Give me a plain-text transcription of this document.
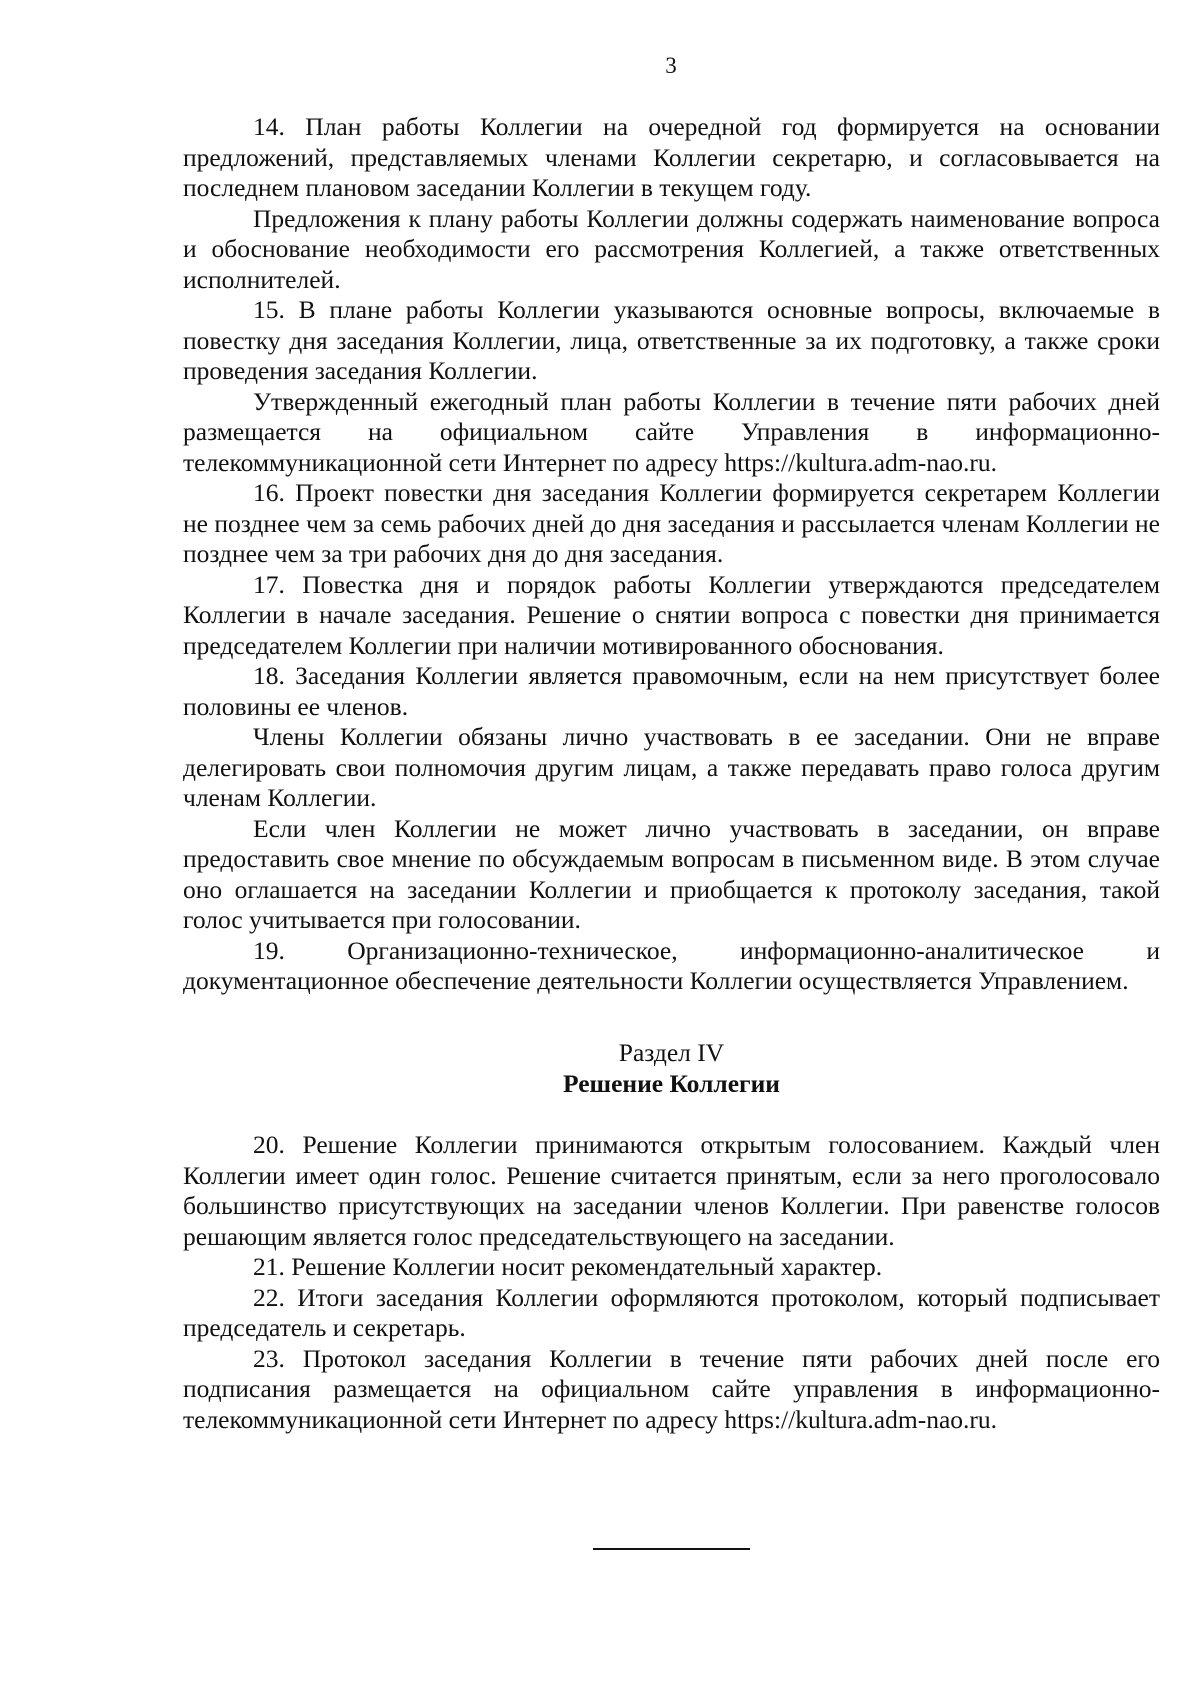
3

14. План работы Коллегии на очередной год формируется на основании предложений, представляемых членами Коллегии секретарю, и согласовывается на последнем плановом заседании Коллегии в текущем году.

Предложения к плану работы Коллегии должны содержать наименование вопроса и обоснование необходимости его рассмотрения Коллегией, а также ответственных исполнителей.

15. В плане работы Коллегии указываются основные вопросы, включаемые в повестку дня заседания Коллегии, лица, ответственные за их подготовку, а также сроки проведения заседания Коллегии.

Утвержденный ежегодный план работы Коллегии в течение пяти рабочих дней размещается на официальном сайте Управления в информационно-телекоммуникационной сети Интернет по адресу https://kultura.adm-nao.ru.

16. Проект повестки дня заседания Коллегии формируется секретарем Коллегии не позднее чем за семь рабочих дней до дня заседания и рассылается членам Коллегии не позднее чем за три рабочих дня до дня заседания.

17. Повестка дня и порядок работы Коллегии утверждаются председателем Коллегии в начале заседания. Решение о снятии вопроса с повестки дня принимается председателем Коллегии при наличии мотивированного обоснования.

18. Заседания Коллегии является правомочным, если на нем присутствует более половины ее членов.

Члены Коллегии обязаны лично участвовать в ее заседании. Они не вправе делегировать свои полномочия другим лицам, а также передавать право голоса другим членам Коллегии.

Если член Коллегии не может лично участвовать в заседании, он вправе предоставить свое мнение по обсуждаемым вопросам в письменном виде. В этом случае оно оглашается на заседании Коллегии и приобщается к протоколу заседания, такой голос учитывается при голосовании.

19. Организационно-техническое, информационно-аналитическое и документационное обеспечение деятельности Коллегии осуществляется Управлением.

Раздел IV
Решение Коллегии

20. Решение Коллегии принимаются открытым голосованием. Каждый член Коллегии имеет один голос. Решение считается принятым, если за него проголосовало большинство присутствующих на заседании членов Коллегии. При равенстве голосов решающим является голос председательствующего на заседании.

21. Решение Коллегии носит рекомендательный характер.

22. Итоги заседания Коллегии оформляются протоколом, который подписывает председатель и секретарь.

23. Протокол заседания Коллегии в течение пяти рабочих дней после его подписания размещается на официальном сайте управления в информационно-телекоммуникационной сети Интернет по адресу https://kultura.adm-nao.ru.
